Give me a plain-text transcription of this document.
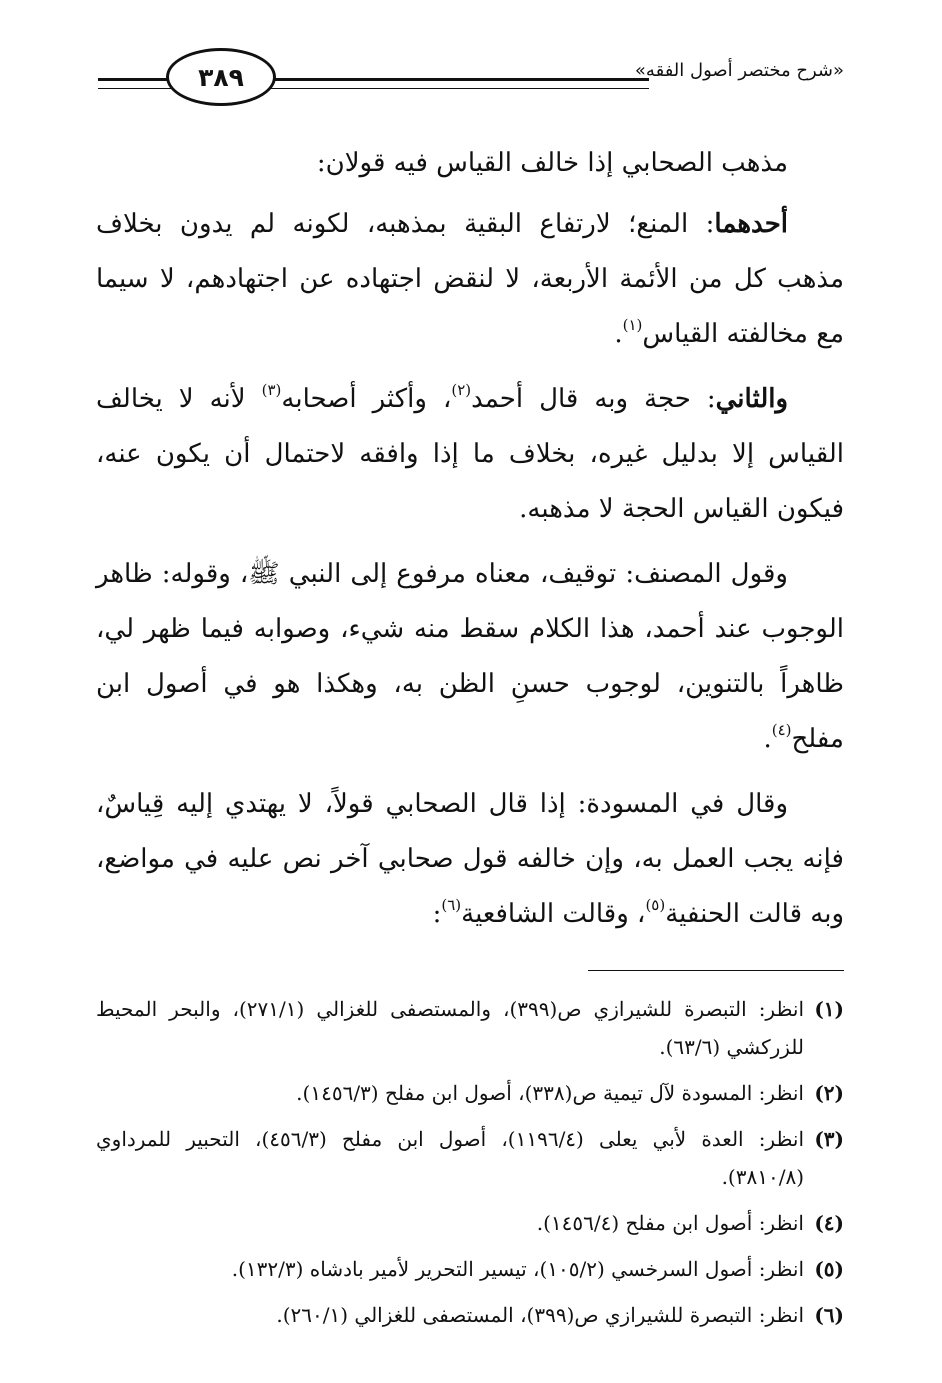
٣٨٩	«شرح مختصر أصول الفقه»

مذهب الصحابي إذا خالف القياس فيه قولان:

أحدهما: المنع؛ لارتفاع البقية بمذهبه، لكونه لم يدون بخلاف مذهب كل من الأئمة الأربعة، لا لنقض اجتهاده عن اجتهادهم، لا سيما مع مخالفته القياس$^{(١)}$.

والثاني: حجة وبه قال أحمد$^{(٢)}$، وأكثر أصحابه$^{(٣)}$ لأنه لا يخالف القياس إلا بدليل غيره، بخلاف ما إذا وافقه لاحتمال أن يكون عنه، فيكون القياس الحجة لا مذهبه.

وقول المصنف: توقيف، معناه مرفوع إلى النبي ﷺ، وقوله: ظاهر الوجوب عند أحمد، هذا الكلام سقط منه شيء، وصوابه فيما ظهر لي، ظاهراً بالتنوين، لوجوب حسنِ الظن به، وهكذا هو في أصول ابن مفلح$^{(٤)}$.

وقال في المسودة: إذا قال الصحابي قولاً، لا يهتدي إليه قِياسٌ، فإنه يجب العمل به، وإن خالفه قول صحابي آخر نص عليه في مواضع، وبه قالت الحنفية$^{(٥)}$، وقالت الشافعية$^{(٦)}$:

(١)انظر: التبصرة للشيرازي ص(٣٩٩)، والمستصفى للغزالي (٢٧١/١)، والبحر المحيط للزركشي (٦٣/٦).

(٢)انظر: المسودة لآل تيمية ص(٣٣٨)، أصول ابن مفلح (١٤٥٦/٣).

(٣)انظر: العدة لأبي يعلى (١١٩٦/٤)، أصول ابن مفلح (٤٥٦/٣)، التحبير للمرداوي (٣٨١٠/٨).

(٤)انظر: أصول ابن مفلح (١٤٥٦/٤).

(٥)انظر: أصول السرخسي (١٠٥/٢)، تيسير التحرير لأمير بادشاه (١٣٢/٣).

(٦)انظر: التبصرة للشيرازي ص(٣٩٩)، المستصفى للغزالي (٢٦٠/١).
